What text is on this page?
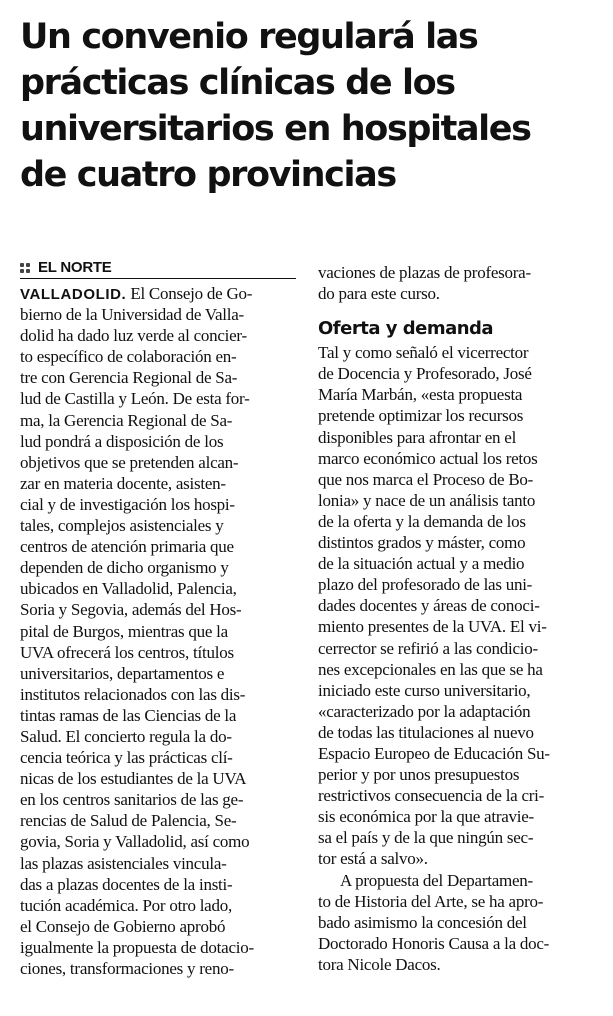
Un convenio regulará las
prácticas clínicas de los
universitarios en hospitales
de cuatro provincias
EL NORTE
VALLADOLID. El Consejo de Go-
bierno de la Universidad de Valla-
dolid ha dado luz verde al concier-
to específico de colaboración en-
tre con Gerencia Regional de Sa-
lud de Castilla y León. De esta for-
ma, la Gerencia Regional de Sa-
lud pondrá a disposición de los
objetivos que se pretenden alcan-
zar en materia docente, asisten-
cial y de investigación los hospi-
tales, complejos asistenciales y
centros de atención primaria que
dependen de dicho organismo y
ubicados en Valladolid, Palencia,
Soria y Segovia, además del Hos-
pital de Burgos, mientras que la
UVA ofrecerá los centros, títulos
universitarios, departamentos e
institutos relacionados con las dis-
tintas ramas de las Ciencias de la
Salud. El concierto regula la do-
cencia teórica y las prácticas clí-
nicas de los estudiantes de la UVA
en los centros sanitarios de las ge-
rencias de Salud de Palencia, Se-
govia, Soria y Valladolid, así como
las plazas asistenciales vincula-
das a plazas docentes de la insti-
tución académica. Por otro lado,
el Consejo de Gobierno aprobó
igualmente la propuesta de dotacio-
ciones, transformaciones y reno-
vaciones de plazas de profesora-
do para este curso.
Oferta y demanda
Tal y como señaló el vicerrector
de Docencia y Profesorado, José
María Marbán, «esta propuesta
pretende optimizar los recursos
disponibles para afrontar en el
marco económico actual los retos
que nos marca el Proceso de Bo-
lonia» y nace de un análisis tanto
de la oferta y la demanda de los
distintos grados y máster, como
de la situación actual y a medio
plazo del profesorado de las uni-
dades docentes y áreas de conoci-
miento presentes de la UVA. El vi-
cerrector se refirió a las condicio-
nes excepcionales en las que se ha
iniciado este curso universitario,
«caracterizado por la adaptación
de todas las titulaciones al nuevo
Espacio Europeo de Educación Su-
perior y por unos presupuestos
restrictivos consecuencia de la cri-
sis económica por la que atravie-
sa el país y de la que ningún sec-
tor está a salvo».
A propuesta del Departamen-
to de Historia del Arte, se ha apro-
bado asimismo la concesión del
Doctorado Honoris Causa a la doc-
tora Nicole Dacos.
